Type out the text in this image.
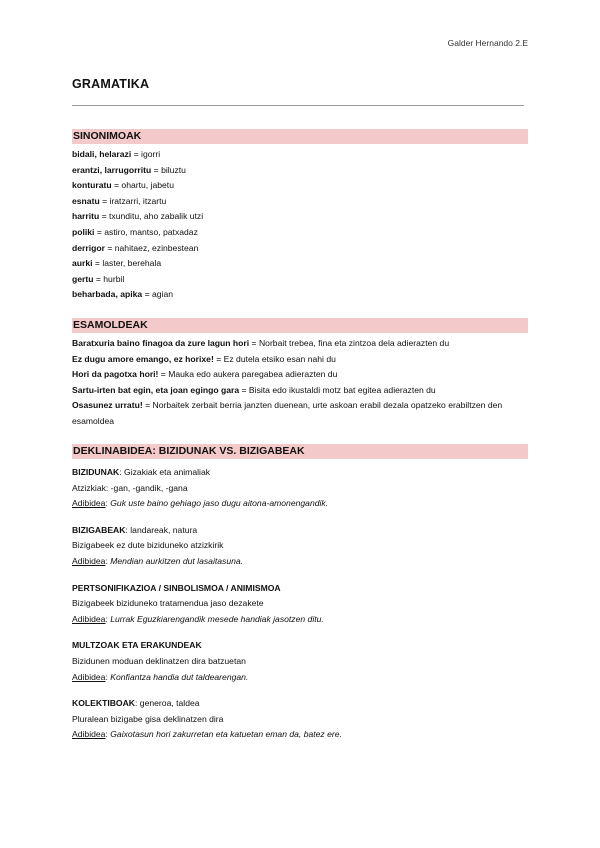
Galder Hernando 2.E
GRAMATIKA
SINONIMOAK
bidali, helarazi = igorri
erantzi, larrugorritu = biluztu
konturatu = ohartu, jabetu
esnatu = iratzarri, itzartu
harritu = txunditu, aho zabalik utzi
poliki = astiro, mantso, patxadaz
derrigor = nahitaez, ezinbestean
aurki = laster, berehala
gertu = hurbil
beharbada, apika = agian
ESAMOLDEAK
Baratxuria baino finagoa da zure lagun hori = Norbait trebea, fina eta zintzoa dela adierazten du
Ez dugu amore emango, ez horixe! = Ez dutela etsiko esan nahi du
Hori da pagotxa hori! = Mauka edo aukera paregabea adierazten du
Sartu-irten bat egin, eta joan egingo gara = Bisita edo ikustaldi motz bat egitea adierazten du
Osasunez urratu! = Norbaitek zerbait berria janzten duenean, urte askoan erabil dezala opatzeko erabiltzen den esamoldea
DEKLINABIDEA: BIZIDUNAK VS. BIZIGABEAK
BIZIDUNAK: Gizakiak eta animaliak
Atzizkiak: -gan, -gandik, -gana
Adibidea: Guk uste baino gehiago jaso dugu aitona-amonengandik.
BIZIGABEAK: landareak, natura
Bizigabeek ez dute biziduneko atzizkirik
Adibidea: Mendian aurkitzen dut lasaitasuna.
PERTSONIFIKAZIOA / SINBOLISMOA / ANIMISMOA
Bizigabeek biziduneko tratamendua jaso dezakete
Adibidea: Lurrak Eguzkiarengandik mesede handiak jasotzen ditu.
MULTZOAK ETA ERAKUNDEAK
Bizidunen moduan deklinatzen dira batzuetan
Adibidea: Konfiantza handia dut taldearengan.
KOLEKTIBOAK: generoa, taldea
Pluralean bizigabe gisa deklinatzen dira
Adibidea: Gaixotasun hori zakurretan eta katuetan eman da, batez ere.
